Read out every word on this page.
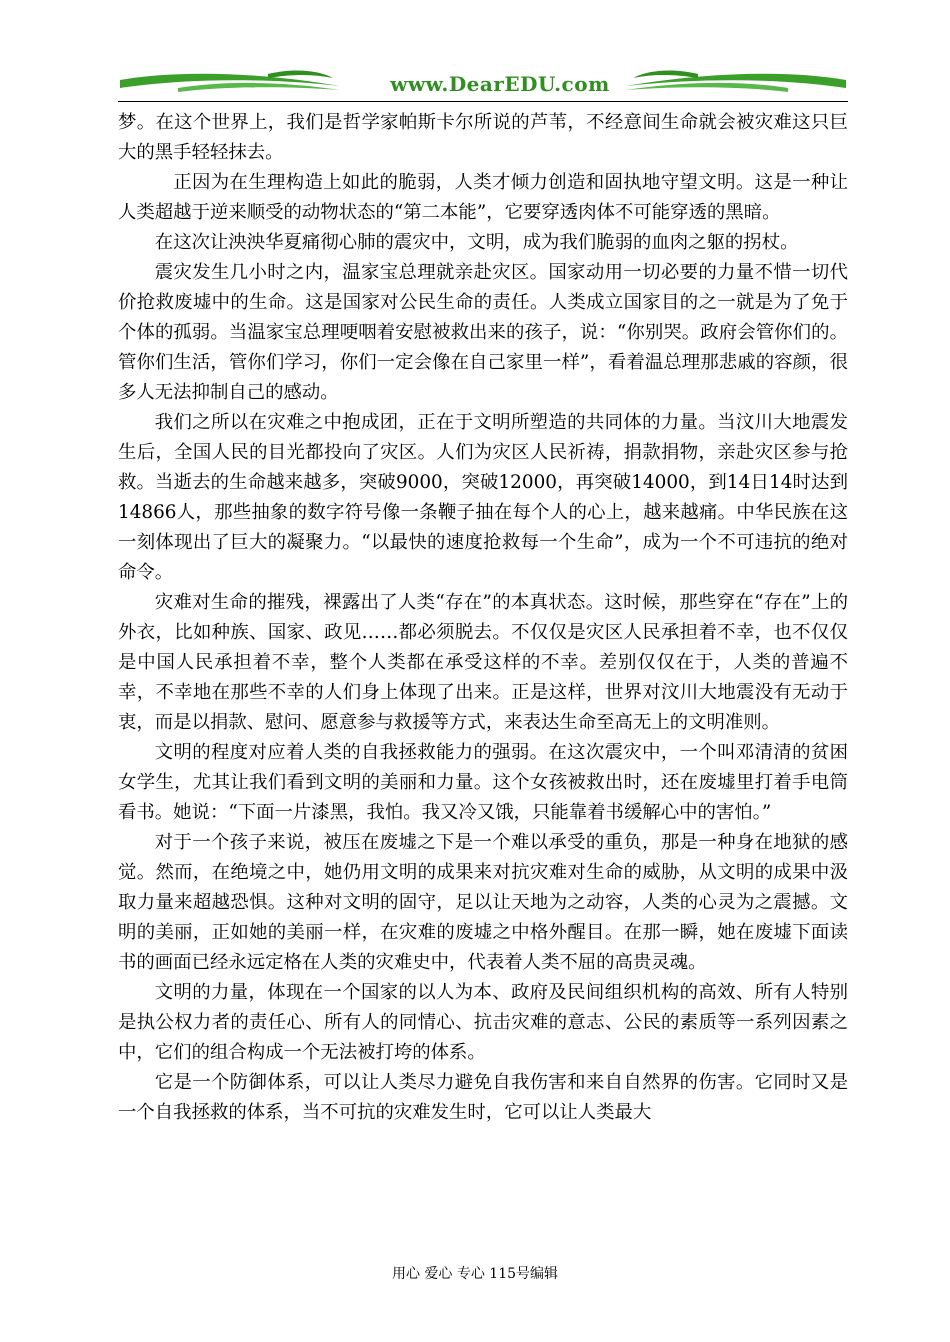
www.DearEDU.com

梦。在这个世界上，我们是哲学家帕斯卡尔所说的芦苇，不经意间生命就会被灾难这只巨大的黑手轻轻抹去。

正因为在生理构造上如此的脆弱，人类才倾力创造和固执地守望文明。这是一种让人类超越于逆来顺受的动物状态的“第二本能”，它要穿透肉体不可能穿透的黑暗。

在这次让泱泱华夏痛彻心肺的震灾中，文明，成为我们脆弱的血肉之躯的拐杖。

震灾发生几小时之内，温家宝总理就亲赴灾区。国家动用一切必要的力量不惜一切代价抢救废墟中的生命。这是国家对公民生命的责任。人类成立国家目的之一就是为了免于个体的孤弱。当温家宝总理哽咽着安慰被救出来的孩子，说：“你别哭。政府会管你们的。管你们生活，管你们学习，你们一定会像在自己家里一样”，看着温总理那悲戚的容颜，很多人无法抑制自己的感动。

我们之所以在灾难之中抱成团，正在于文明所塑造的共同体的力量。当汶川大地震发生后，全国人民的目光都投向了灾区。人们为灾区人民祈祷，捐款捐物，亲赴灾区参与抢救。当逝去的生命越来越多，突破9000，突破12000，再突破14000，到14日14时达到14866人，那些抽象的数字符号像一条鞭子抽在每个人的心上，越来越痛。中华民族在这一刻体现出了巨大的凝聚力。“以最快的速度抢救每一个生命”，成为一个不可违抗的绝对命令。

灾难对生命的摧残，裸露出了人类“存在”的本真状态。这时候，那些穿在“存在”上的外衣，比如种族、国家、政见……都必须脱去。不仅仅是灾区人民承担着不幸，也不仅仅是中国人民承担着不幸，整个人类都在承受这样的不幸。差别仅仅在于，人类的普遍不幸，不幸地在那些不幸的人们身上体现了出来。正是这样，世界对汶川大地震没有无动于衷，而是以捐款、慰问、愿意参与救援等方式，来表达生命至高无上的文明准则。

文明的程度对应着人类的自我拯救能力的强弱。在这次震灾中，一个叫邓清清的贫困女学生，尤其让我们看到文明的美丽和力量。这个女孩被救出时，还在废墟里打着手电筒看书。她说：“下面一片漆黑，我怕。我又冷又饿，只能靠着书缓解心中的害怕。”

对于一个孩子来说，被压在废墟之下是一个难以承受的重负，那是一种身在地狱的感觉。然而，在绝境之中，她仍用文明的成果来对抗灾难对生命的威胁，从文明的成果中汲取力量来超越恐惧。这种对文明的固守，足以让天地为之动容，人类的心灵为之震撼。文明的美丽，正如她的美丽一样，在灾难的废墟之中格外醒目。在那一瞬，她在废墟下面读书的画面已经永远定格在人类的灾难史中，代表着人类不屈的高贵灵魂。

文明的力量，体现在一个国家的以人为本、政府及民间组织机构的高效、所有人特别是执公权力者的责任心、所有人的同情心、抗击灾难的意志、公民的素质等一系列因素之中，它们的组合构成一个无法被打垮的体系。

它是一个防御体系，可以让人类尽力避免自我伤害和来自自然界的伤害。它同时又是一个自我拯救的体系，当不可抗的灾难发生时，它可以让人类最大

用心 爱心 专心 115号编辑
